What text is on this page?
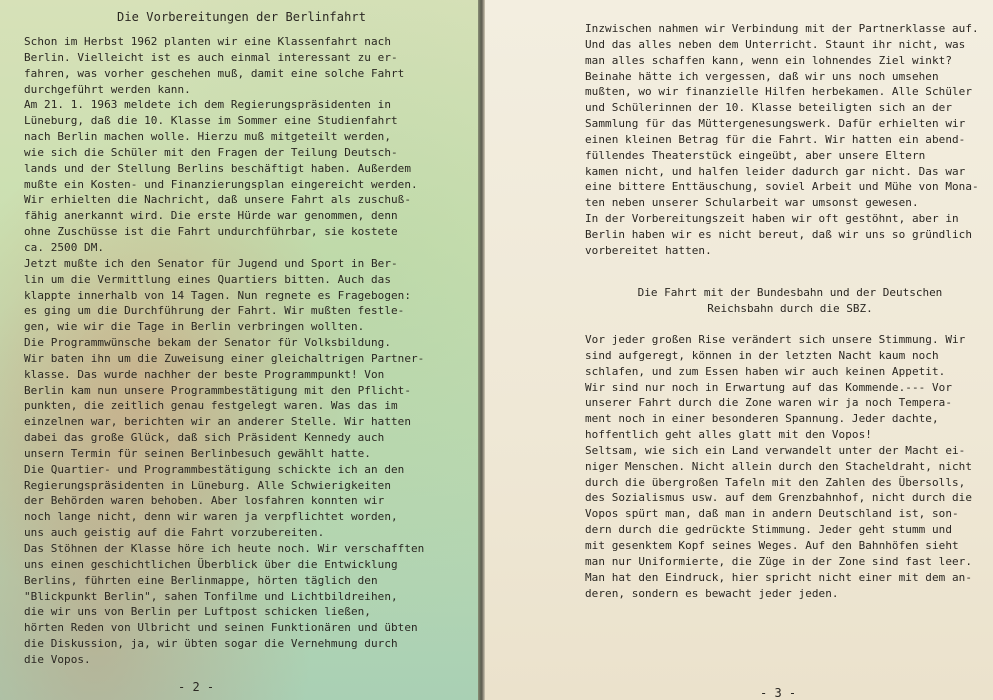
Die Vorbereitungen der Berlinfahrt
Schon im Herbst 1962 planten wir eine Klassenfahrt nach
Berlin. Vielleicht ist es auch einmal interessant zu er-
fahren, was vorher geschehen muß, damit eine solche Fahrt
durchgeführt werden kann.
Am 21. 1. 1963 meldete ich dem Regierungspräsidenten in
Lüneburg, daß die 10. Klasse im Sommer eine Studienfahrt
nach Berlin machen wolle. Hierzu muß mitgeteilt werden,
wie sich die Schüler mit den Fragen der Teilung Deutsch-
lands und der Stellung Berlins beschäftigt haben. Außerdem
mußte ein Kosten- und Finanzierungsplan eingereicht werden.
Wir erhielten die Nachricht, daß unsere Fahrt als zuschuß-
fähig anerkannt wird. Die erste Hürde war genommen, denn
ohne Zuschüsse ist die Fahrt undurchführbar, sie kostete
ca. 2500 DM.
Jetzt mußte ich den Senator für Jugend und Sport in Ber-
lin um die Vermittlung eines Quartiers bitten. Auch das
klappte innerhalb von 14 Tagen. Nun regnete es Fragebogen:
es ging um die Durchführung der Fahrt. Wir mußten festle-
gen, wie wir die Tage in Berlin verbringen wollten.
Die Programmwünsche bekam der Senator für Volksbildung.
Wir baten ihn um die Zuweisung einer gleichaltrigen Partner-
klasse. Das wurde nachher der beste Programmpunkt! Von
Berlin kam nun unsere Programmbestätigung mit den Pflicht-
punkten, die zeitlich genau festgelegt waren. Was das im
einzelnen war, berichten wir an anderer Stelle. Wir hatten
dabei das große Glück, daß sich Präsident Kennedy auch
unsern Termin für seinen Berlinbesuch gewählt hatte.
Die Quartier- und Programmbestätigung schickte ich an den
Regierungspräsidenten in Lüneburg. Alle Schwierigkeiten
der Behörden waren behoben. Aber losfahren konnten wir
noch lange nicht, denn wir waren ja verpflichtet worden,
uns auch geistig auf die Fahrt vorzubereiten.
Das Stöhnen der Klasse höre ich heute noch. Wir verschafften
uns einen geschichtlichen Überblick über die Entwicklung
Berlins, führten eine Berlinmappe, hörten täglich den
"Blickpunkt Berlin", sahen Tonfilme und Lichtbildreihen,
die wir uns von Berlin per Luftpost schicken ließen,
hörten Reden von Ulbricht und seinen Funktionären und übten
die Diskussion, ja, wir übten sogar die Vernehmung durch
die Vopos.
- 2 -
Inzwischen nahmen wir Verbindung mit der Partnerklasse auf.
Und das alles neben dem Unterricht. Staunt ihr nicht, was
man alles schaffen kann, wenn ein lohnendes Ziel winkt?
Beinahe hätte ich vergessen, daß wir uns noch umsehen
mußten, wo wir finanzielle Hilfen herbekamen. Alle Schüler
und Schülerinnen der 10. Klasse beteiligten sich an der
Sammlung für das Müttergenesungswerk. Dafür erhielten wir
einen kleinen Betrag für die Fahrt. Wir hatten ein abend-
füllendes Theaterstück eingeübt, aber unsere Eltern
kamen nicht, und halfen leider dadurch gar nicht. Das war
eine bittere Enttäuschung, soviel Arbeit und Mühe von Mona-
ten neben unserer Schularbeit war umsonst gewesen.
In der Vorbereitungszeit haben wir oft gestöhnt, aber in
Berlin haben wir es nicht bereut, daß wir uns so gründlich
vorbereitet hatten.
Die Fahrt mit der Bundesbahn und der Deutschen
Reichsbahn durch die SBZ.
Vor jeder großen Rise verändert sich unsere Stimmung. Wir
sind aufgeregt, können in der letzten Nacht kaum noch
schlafen, und zum Essen haben wir auch keinen Appetit.
Wir sind nur noch in Erwartung auf das Kommende.--- Vor
unserer Fahrt durch die Zone waren wir ja noch Tempera-
ment noch in einer besonderen Spannung. Jeder dachte,
hoffentlich geht alles glatt mit den Vopos!
Seltsam, wie sich ein Land verwandelt unter der Macht ei-
niger Menschen. Nicht allein durch den Stacheldraht, nicht
durch die übergroßen Tafeln mit den Zahlen des Übersolls,
des Sozialismus usw. auf dem Grenzbahnhof, nicht durch die
Vopos spürt man, daß man in andern Deutschland ist, son-
dern durch die gedrückte Stimmung. Jeder geht stumm und
mit gesenktem Kopf seines Weges. Auf den Bahnhöfen sieht
man nur Uniformierte, die Züge in der Zone sind fast leer.
Man hat den Eindruck, hier spricht nicht einer mit dem an-
deren, sondern es bewacht jeder jeden.
- 3 -
